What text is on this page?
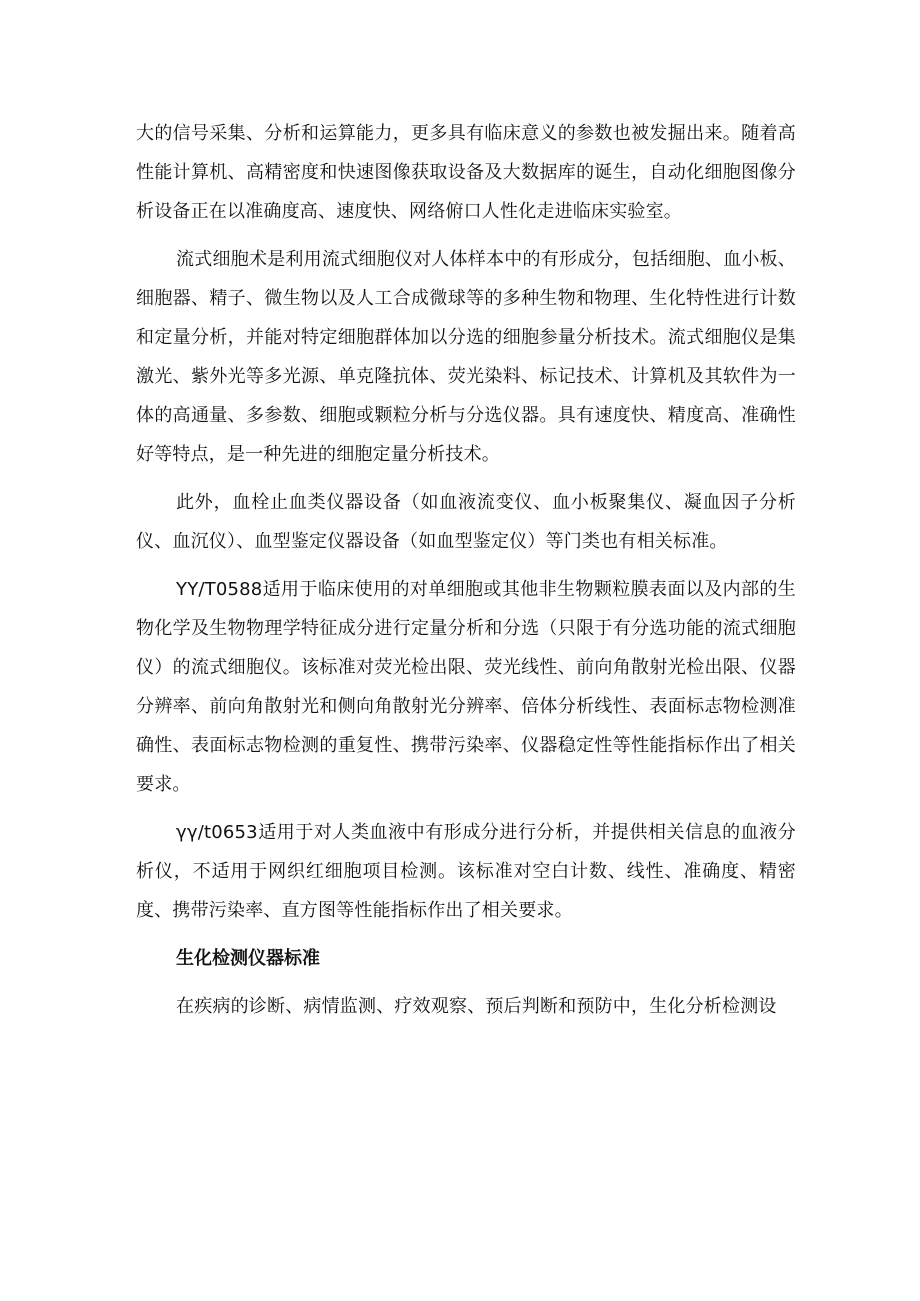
大的信号采集、分析和运算能力，更多具有临床意义的参数也被发掘出来。随着高性能计算机、高精密度和快速图像获取设备及大数据库的诞生，自动化细胞图像分析设备正在以准确度高、速度快、网络俯口人性化走进临床实验室。

流式细胞术是利用流式细胞仪对人体样本中的有形成分，包括细胞、血小板、细胞器、精子、微生物以及人工合成微球等的多种生物和物理、生化特性进行计数和定量分析，并能对特定细胞群体加以分选的细胞参量分析技术。流式细胞仪是集激光、紫外光等多光源、单克隆抗体、荧光染料、标记技术、计算机及其软件为一体的高通量、多参数、细胞或颗粒分析与分选仪器。具有速度快、精度高、准确性好等特点，是一种先进的细胞定量分析技术。

此外，血栓止血类仪器设备（如血液流变仪、血小板聚集仪、凝血因子分析仪、血沉仪）、血型鉴定仪器设备（如血型鉴定仪）等门类也有相关标准。

YY/T0588适用于临床使用的对单细胞或其他非生物颗粒膜表面以及内部的生物化学及生物物理学特征成分进行定量分析和分选（只限于有分选功能的流式细胞仪）的流式细胞仪。该标准对荧光检出限、荧光线性、前向角散射光检出限、仪器分辨率、前向角散射光和侧向角散射光分辨率、倍体分析线性、表面标志物检测准确性、表面标志物检测的重复性、携带污染率、仪器稳定性等性能指标作出了相关要求。

γγ/t0653适用于对人类血液中有形成分进行分析，并提供相关信息的血液分析仪，不适用于网织红细胞项目检测。该标准对空白计数、线性、准确度、精密度、携带污染率、直方图等性能指标作出了相关要求。

生化检测仪器标准

在疾病的诊断、病情监测、疗效观察、预后判断和预防中，生化分析检测设
